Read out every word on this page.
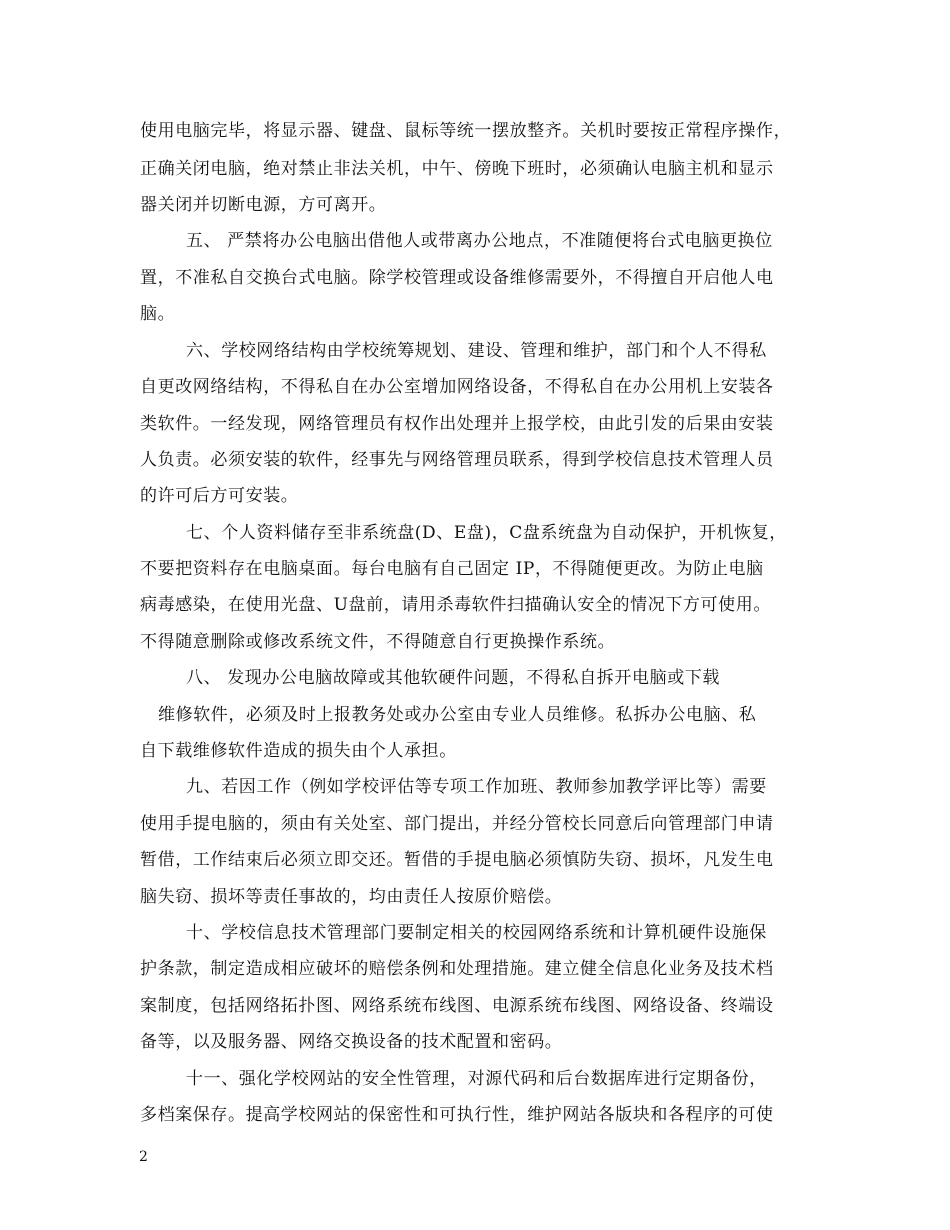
使用电脑完毕，将显示器、键盘、鼠标等统一摆放整齐。关机时要按正常程序操作，
正确关闭电脑，绝对禁止非法关机，中午、傍晚下班时，必须确认电脑主机和显示
器关闭并切断电源，方可离开。
五、 严禁将办公电脑出借他人或带离办公地点，不准随便将台式电脑更换位
置，不准私自交换台式电脑。除学校管理或设备维修需要外，不得擅自开启他人电
脑。
六、学校网络结构由学校统筹规划、建设、管理和维护，部门和个人不得私
自更改网络结构，不得私自在办公室增加网络设备，不得私自在办公用机上安装各
类软件。一经发现，网络管理员有权作出处理并上报学校，由此引发的后果由安装
人负责。必须安装的软件，经事先与网络管理员联系，得到学校信息技术管理人员
的许可后方可安装。
七、个人资料储存至非系统盘(D、E盘)，C盘系统盘为自动保护，开机恢复，
不要把资料存在电脑桌面。每台电脑有自己固定 IP，不得随便更改。为防止电脑
病毒感染，在使用光盘、U盘前，请用杀毒软件扫描确认安全的情况下方可使用。
不得随意删除或修改系统文件，不得随意自行更换操作系统。
八、 发现办公电脑故障或其他软硬件问题，不得私自拆开电脑或下载
维修软件，必须及时上报教务处或办公室由专业人员维修。私拆办公电脑、私
自下载维修软件造成的损失由个人承担。
九、若因工作（例如学校评估等专项工作加班、教师参加教学评比等）需要
使用手提电脑的，须由有关处室、部门提出，并经分管校长同意后向管理部门申请
暂借，工作结束后必须立即交还。暂借的手提电脑必须慎防失窃、损坏，凡发生电
脑失窃、损坏等责任事故的，均由责任人按原价赔偿。
十、学校信息技术管理部门要制定相关的校园网络系统和计算机硬件设施保
护条款，制定造成相应破坏的赔偿条例和处理措施。建立健全信息化业务及技术档
案制度，包括网络拓扑图、网络系统布线图、电源系统布线图、网络设备、终端设
备等，以及服务器、网络交换设备的技术配置和密码。
十一、强化学校网站的安全性管理，对源代码和后台数据库进行定期备份，
多档案保存。提高学校网站的保密性和可执行性，维护网站各版块和各程序的可使
2
